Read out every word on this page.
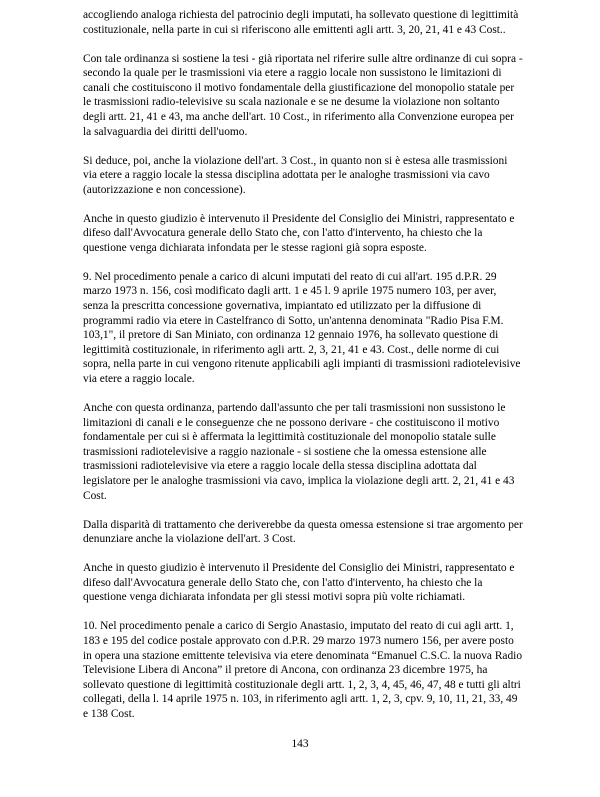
accogliendo analoga richiesta del patrocinio degli imputati, ha sollevato questione di legittimità costituzionale, nella parte in cui si riferiscono alle emittenti agli artt. 3, 20, 21, 41 e 43 Cost..

Con tale ordinanza si sostiene la tesi - già riportata nel riferire sulle altre ordinanze di cui sopra - secondo la quale per le trasmissioni via etere a raggio locale non sussistono le limitazioni di canali che costituiscono il motivo fondamentale della giustificazione del monopolio statale per le trasmissioni radio-televisive su scala nazionale e se ne desume la violazione non soltanto degli artt. 21, 41 e 43, ma anche dell'art. 10 Cost., in riferimento alla Convenzione europea per la salvaguardia dei diritti dell'uomo.

Si deduce, poi, anche la violazione dell'art. 3 Cost., in quanto non si è estesa alle trasmissioni via etere a raggio locale la stessa disciplina adottata per le analoghe trasmissioni via cavo (autorizzazione e non concessione).

Anche in questo giudizio è intervenuto il Presidente del Consiglio dei Ministri, rappresentato e difeso dall'Avvocatura generale dello Stato che, con l'atto d'intervento, ha chiesto che la questione venga dichiarata infondata per le stesse ragioni già sopra esposte.

9. Nel procedimento penale a carico di alcuni imputati del reato di cui all'art. 195 d.P.R. 29 marzo 1973 n. 156, così modificato dagli artt. 1 e 45 l. 9 aprile 1975 numero 103, per aver, senza la prescritta concessione governativa, impiantato ed utilizzato per la diffusione di programmi radio via etere in Castelfranco di Sotto, un'antenna denominata "Radio Pisa F.M. 103,1", il pretore di San Miniato, con ordinanza 12 gennaio 1976, ha sollevato questione di legittimità costituzionale, in riferimento agli artt. 2, 3, 21, 41 e 43. Cost., delle norme di cui sopra, nella parte in cui vengono ritenute applicabili agli impianti di trasmissioni radiotelevisive via etere a raggio locale.

Anche con questa ordinanza, partendo dall'assunto che per tali trasmissioni non sussistono le limitazioni di canali e le conseguenze che ne possono derivare - che costituiscono il motivo fondamentale per cui si è affermata la legittimità costituzionale del monopolio statale sulle trasmissioni radiotelevisive a raggio nazionale - si sostiene che la omessa estensione alle trasmissioni radiotelevisive via etere a raggio locale della stessa disciplina adottata dal legislatore per le analoghe trasmissioni via cavo, implica la violazione degli artt. 2, 21, 41 e 43 Cost.

Dalla disparità di trattamento che deriverebbe da questa omessa estensione si trae argomento per denunziare anche la violazione dell'art. 3 Cost.

Anche in questo giudizio è intervenuto il Presidente del Consiglio dei Ministri, rappresentato e difeso dall'Avvocatura generale dello Stato che, con l'atto d'intervento, ha chiesto che la questione venga dichiarata infondata per gli stessi motivi sopra più volte richiamati.

10. Nel procedimento penale a carico di Sergio Anastasio, imputato del reato di cui agli artt. 1, 183 e 195 del codice postale approvato con d.P.R. 29 marzo 1973 numero 156, per avere posto in opera una stazione emittente televisiva via etere denominata “Emanuel C.S.C. la nuova Radio Televisione Libera di Ancona” il pretore di Ancona, con ordinanza 23 dicembre 1975, ha sollevato questione di legittimità costituzionale degli artt. 1, 2, 3, 4, 45, 46, 47, 48 e tutti gli altri collegati, della l. 14 aprile 1975 n. 103, in riferimento agli artt. 1, 2, 3, cpv. 9, 10, 11, 21, 33, 49 e 138 Cost.

143
